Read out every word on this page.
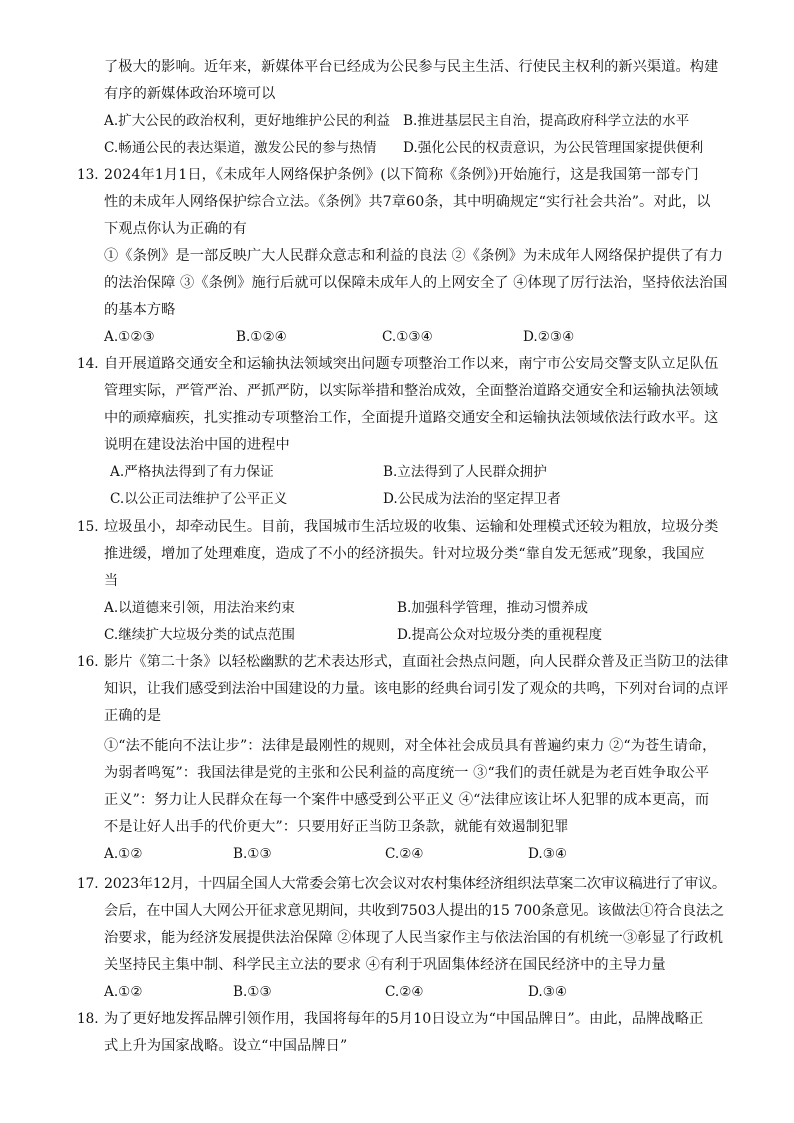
了极大的影响。近年来，新媒体平台已经成为公民参与民主生活、行使民主权利的新兴渠道。构建
有序的新媒体政治环境可以
A.扩大公民的政治权利，更好地维护公民的利益 B.推进基层民主自治，提高政府科学立法的水平
C.畅通公民的表达渠道，激发公民的参与热情 D.强化公民的权责意识，为公民管理国家提供便利
13. 2024年1月1日，《未成年人网络保护条例》(以下简称《条例》)开始施行，这是我国第一部专门
性的未成年人网络保护综合立法。《条例》共7章60条，其中明确规定“实行社会共治”。对此，以
下观点你认为正确的有
①《条例》是一部反映广大人民群众意志和利益的良法 ②《条例》为未成年人网络保护提供了有力
的法治保障 ③《条例》施行后就可以保障未成年人的上网安全了 ④体现了厉行法治，坚持依法治国
的基本方略
A.①②③	B.①②④	C.①③④	D.②③④
14. 自开展道路交通安全和运输执法领域突出问题专项整治工作以来，南宁市公安局交警支队立足队伍
管理实际，严管严治、严抓严防，以实际举措和整治成效，全面整治道路交通安全和运输执法领域
中的顽瘴痼疾，扎实推动专项整治工作，全面提升道路交通安全和运输执法领域依法行政水平。这
说明在建设法治中国的进程中
A.严格执法得到了有力保证	B.立法得到了人民群众拥护
C.以公正司法维护了公平正义	D.公民成为法治的坚定捍卫者
15. 垃圾虽小，却牵动民生。目前，我国城市生活垃圾的收集、运输和处理模式还较为粗放，垃圾分类
推进缓，增加了处理难度，造成了不小的经济损失。针对垃圾分类“靠自发无惩戒”现象，我国应
当
A.以道德来引领，用法治来约束	B.加强科学管理，推动习惯养成
C.继续扩大垃圾分类的试点范围	D.提高公众对垃圾分类的重视程度
16. 影片《第二十条》以轻松幽默的艺术表达形式，直面社会热点问题，向人民群众普及正当防卫的法律
知识，让我们感受到法治中国建设的力量。该电影的经典台词引发了观众的共鸣，下列对台词的点评
正确的是
①“法不能向不法让步”：法律是最刚性的规则，对全体社会成员具有普遍约束力 ②“为苍生请命，
为弱者鸣冤”：我国法律是党的主张和公民利益的高度统一 ③“我们的责任就是为老百姓争取公平
正义”：努力让人民群众在每一个案件中感受到公平正义 ④“法律应该让坏人犯罪的成本更高，而
不是让好人出手的代价更大”：只要用好正当防卫条款，就能有效遏制犯罪
A.①②	B.①③	C.②④	D.③④
17. 2023年12月，十四届全国人大常委会第七次会议对农村集体经济组织法草案二次审议稿进行了审议。
会后，在中国人大网公开征求意见期间，共收到7503人提出的15 700条意见。该做法①符合良法之
治要求，能为经济发展提供法治保障 ②体现了人民当家作主与依法治国的有机统一③彰显了行政机
关坚持民主集中制、科学民主立法的要求 ④有利于巩固集体经济在国民经济中的主导力量
A.①②	B.①③	C.②④	D.③④
18. 为了更好地发挥品牌引领作用，我国将每年的5月10日设立为“中国品牌日”。由此，品牌战略正
式上升为国家战略。设立“中国品牌日”
